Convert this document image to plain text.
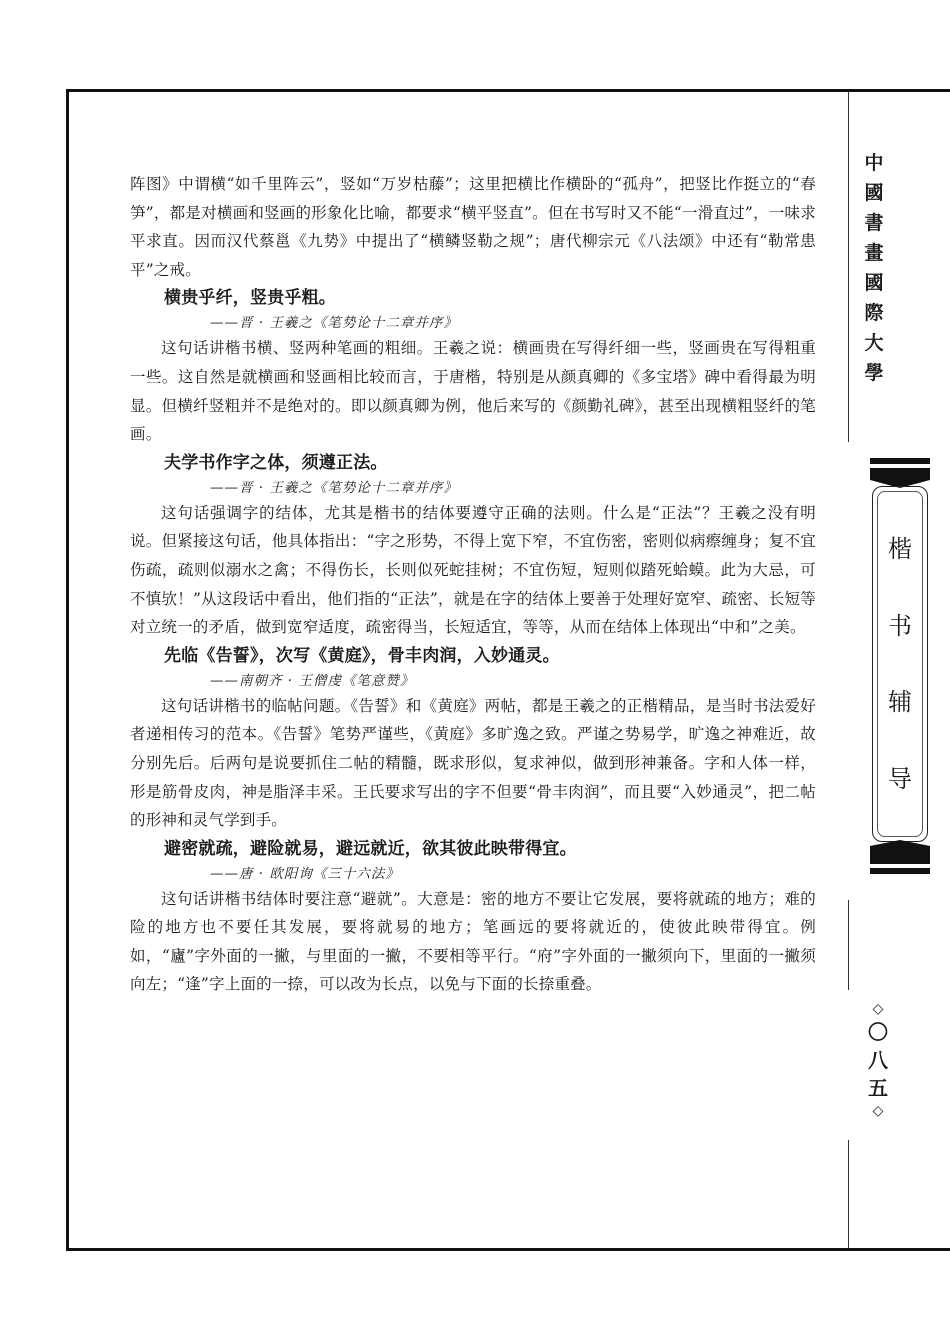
中
國
書
畫
國
際
大
學
楷
书
辅
导
◇
〇
八
五
◇

阵图》中谓横“如千里阵云”，竖如“万岁枯藤”；这里把横比作横卧的“孤舟”，把竖比作挺立的“春笋”，都是对横画和竖画的形象化比喻，都要求“横平竖直”。但在书写时又不能“一滑直过”，一味求平求直。因而汉代蔡邕《九势》中提出了“横鳞竖勒之规”；唐代柳宗元《八法颂》中还有“勒常患平”之戒。

横贵乎纤，竖贵乎粗。

——晋 · 王羲之《笔势论十二章并序》

这句话讲楷书横、竖两种笔画的粗细。王羲之说：横画贵在写得纤细一些，竖画贵在写得粗重一些。这自然是就横画和竖画相比较而言，于唐楷，特别是从颜真卿的《多宝塔》碑中看得最为明显。但横纤竖粗并不是绝对的。即以颜真卿为例，他后来写的《颜勤礼碑》，甚至出现横粗竖纤的笔画。

夫学书作字之体，须遵正法。

——晋 · 王羲之《笔势论十二章并序》

这句话强调字的结体，尤其是楷书的结体要遵守正确的法则。什么是“正法”？王羲之没有明说。但紧接这句话，他具体指出：“字之形势，不得上宽下窄，不宜伤密，密则似病瘵缠身；复不宜伤疏，疏则似溺水之禽；不得伤长，长则似死蛇挂树；不宜伤短，短则似踏死蛤蟆。此为大忌，可不慎欤！”从这段话中看出，他们指的“正法”，就是在字的结体上要善于处理好宽窄、疏密、长短等对立统一的矛盾，做到宽窄适度，疏密得当，长短适宜，等等，从而在结体上体现出“中和”之美。

先临《告誓》，次写《黄庭》，骨丰肉润，入妙通灵。

——南朝齐 · 王僧虔《笔意赞》

这句话讲楷书的临帖问题。《告誓》和《黄庭》两帖，都是王羲之的正楷精品，是当时书法爱好者递相传习的范本。《告誓》笔势严谨些，《黄庭》多旷逸之致。严谨之势易学，旷逸之神难近，故分别先后。后两句是说要抓住二帖的精髓，既求形似，复求神似，做到形神兼备。字和人体一样，形是筋骨皮肉，神是脂泽丰采。王氏要求写出的字不但要“骨丰肉润”，而且要“入妙通灵”，把二帖的形神和灵气学到手。

避密就疏，避险就易，避远就近，欲其彼此映带得宜。

——唐 · 欧阳询《三十六法》

这句话讲楷书结体时要注意“避就”。大意是：密的地方不要让它发展，要将就疏的地方；难的险的地方也不要任其发展，要将就易的地方；笔画远的要将就近的，使彼此映带得宜。例如，“廬”字外面的一撇，与里面的一撇，不要相等平行。“府”字外面的一撇须向下，里面的一撇须向左；“逢”字上面的一捺，可以改为长点，以免与下面的长捺重叠。
